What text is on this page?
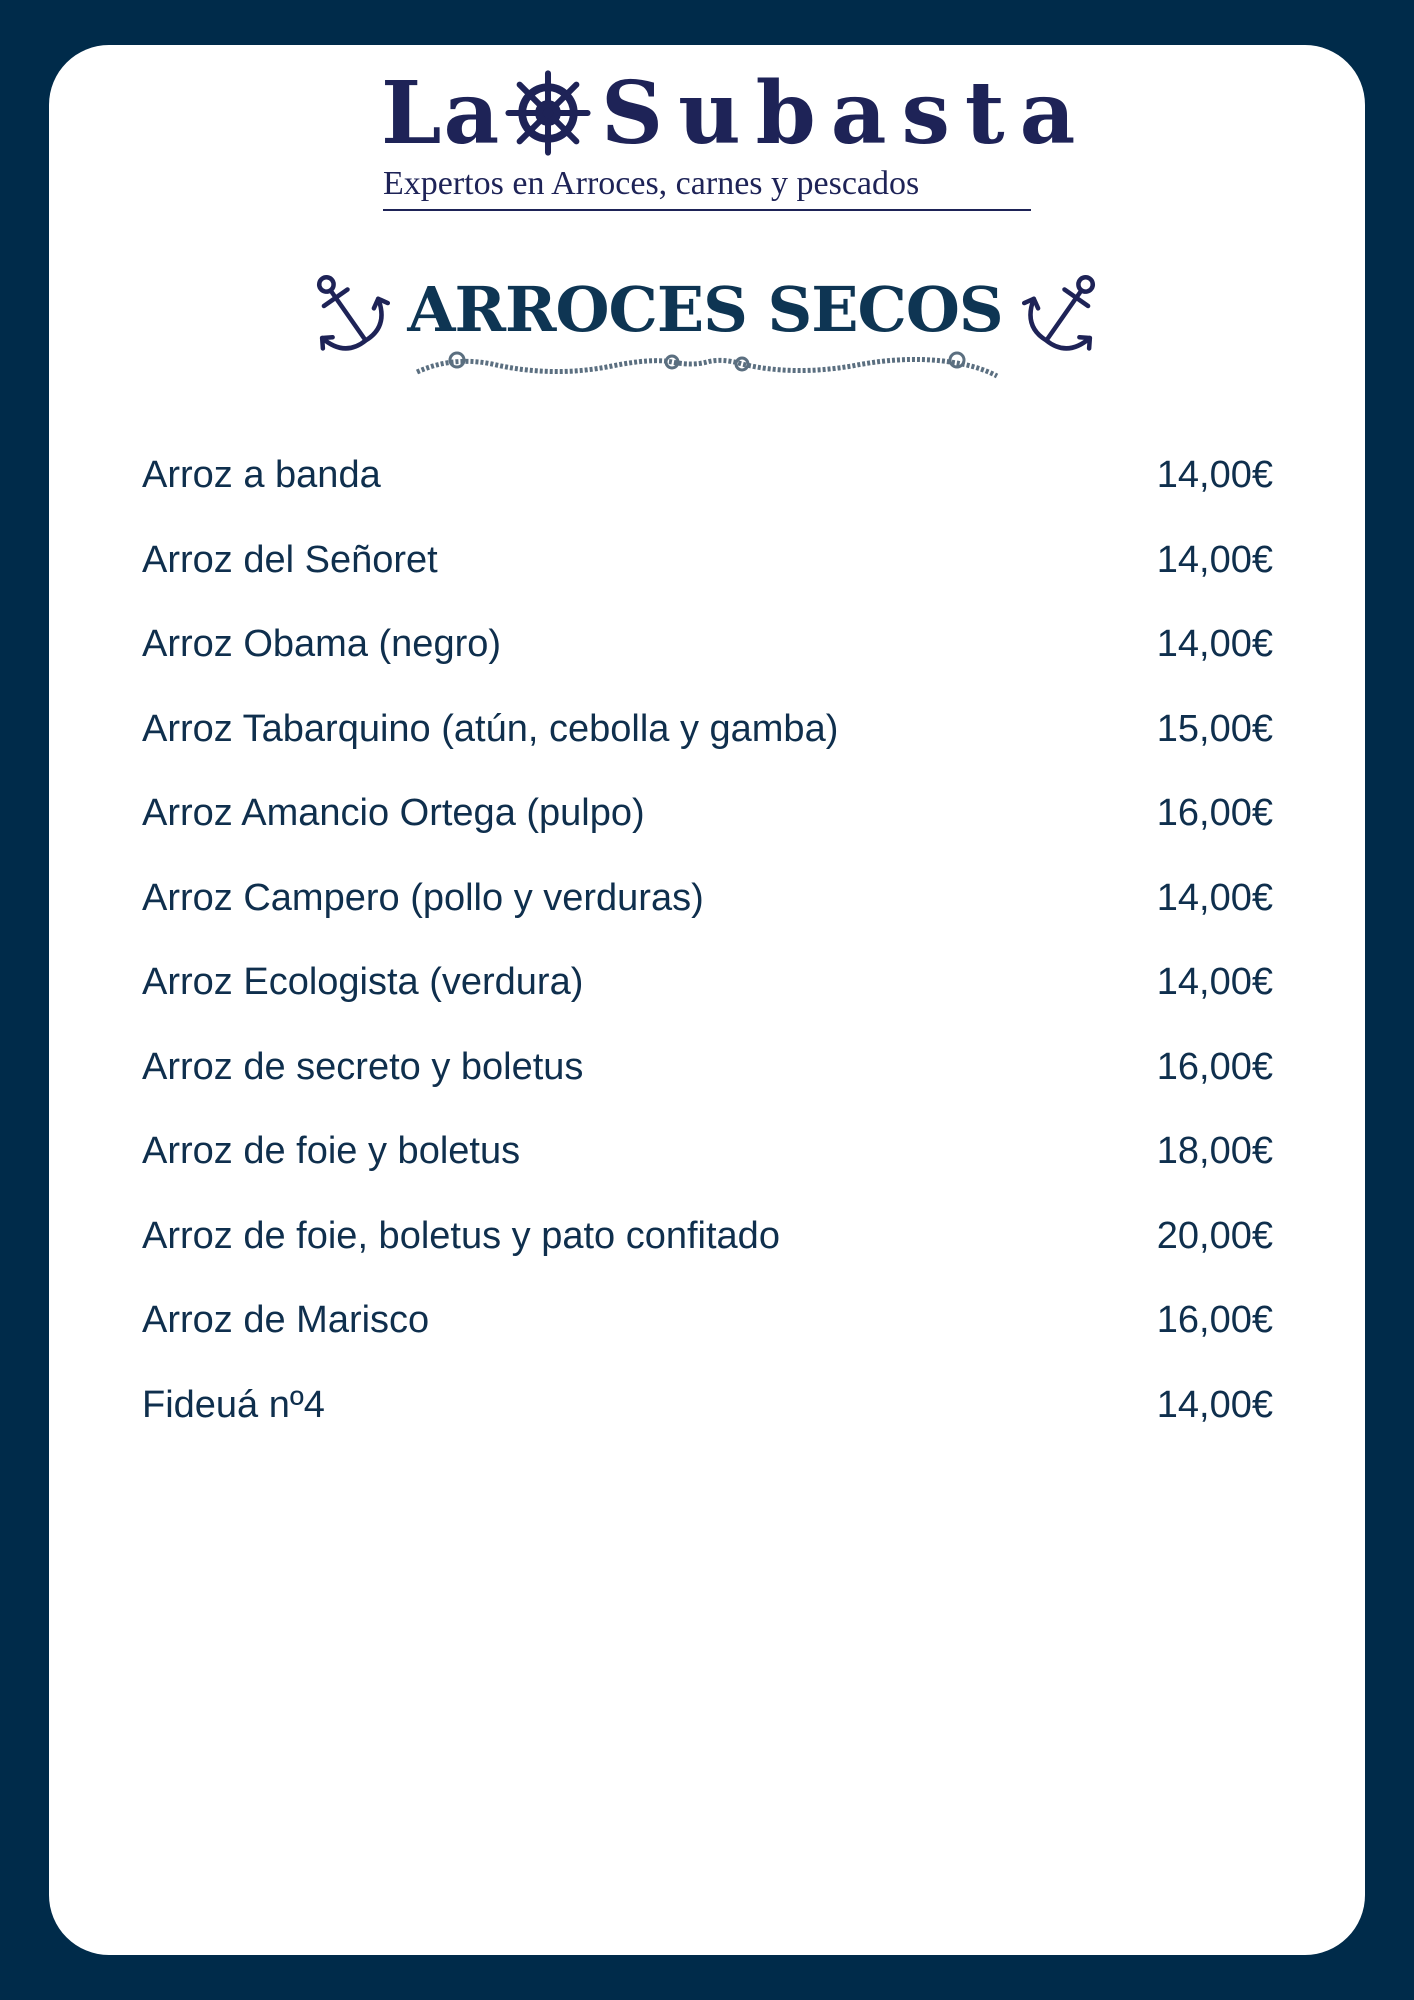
La Subasta
Expertos en Arroces, carnes y pescados
ARROCES SECOS
Arroz a banda	14,00€
Arroz del Señoret	14,00€
Arroz Obama (negro)	14,00€
Arroz Tabarquino (atún, cebolla y gamba)	15,00€
Arroz Amancio Ortega (pulpo)	16,00€
Arroz Campero (pollo y verduras)	14,00€
Arroz Ecologista (verdura)	14,00€
Arroz de secreto y boletus	16,00€
Arroz de foie y boletus	18,00€
Arroz de foie, boletus y pato confitado	20,00€
Arroz de Marisco	16,00€
Fideuá nº4	14,00€
